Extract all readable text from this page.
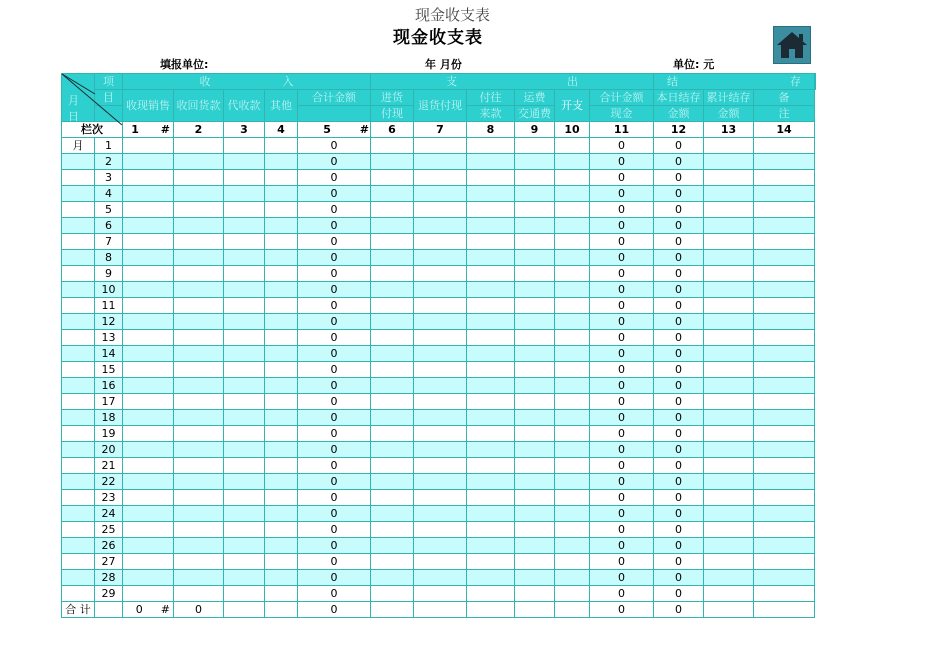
现金收支表
现金收支表
填报单位:	年 月份	单位: 元
月
日	项	收 入					支 出						结 存			
	目	收现销售	收回货款	代收款	其他	合计金额	进货	退货付现	付往	运费	开支	合计金额	本日结存	累计结存	备	
							付现		来款	交通费		现金	金额	金额	注	
栏次		1 #	2	3	4	5 #	6	7	8	9	10	11	12	13	14	
月	1					0						0	0			
	2					0						0	0			
	3					0						0	0			
	4					0						0	0			
	5					0						0	0			
	6					0						0	0			
	7					0						0	0			
	8					0						0	0			
	9					0						0	0			
	10					0						0	0			
	11					0						0	0			
	12					0						0	0			
	13					0						0	0			
	14					0						0	0			
	15					0						0	0			
	16					0						0	0			
	17					0						0	0			
	18					0						0	0			
	19					0						0	0			
	20					0						0	0			
	21					0						0	0			
	22					0						0	0			
	23					0						0	0			
	24					0						0	0			
	25					0						0	0			
	26					0						0	0			
	27					0						0	0			
	28					0						0	0			
	29					0						0	0			
合 计		0 #	0			0						0	0			
